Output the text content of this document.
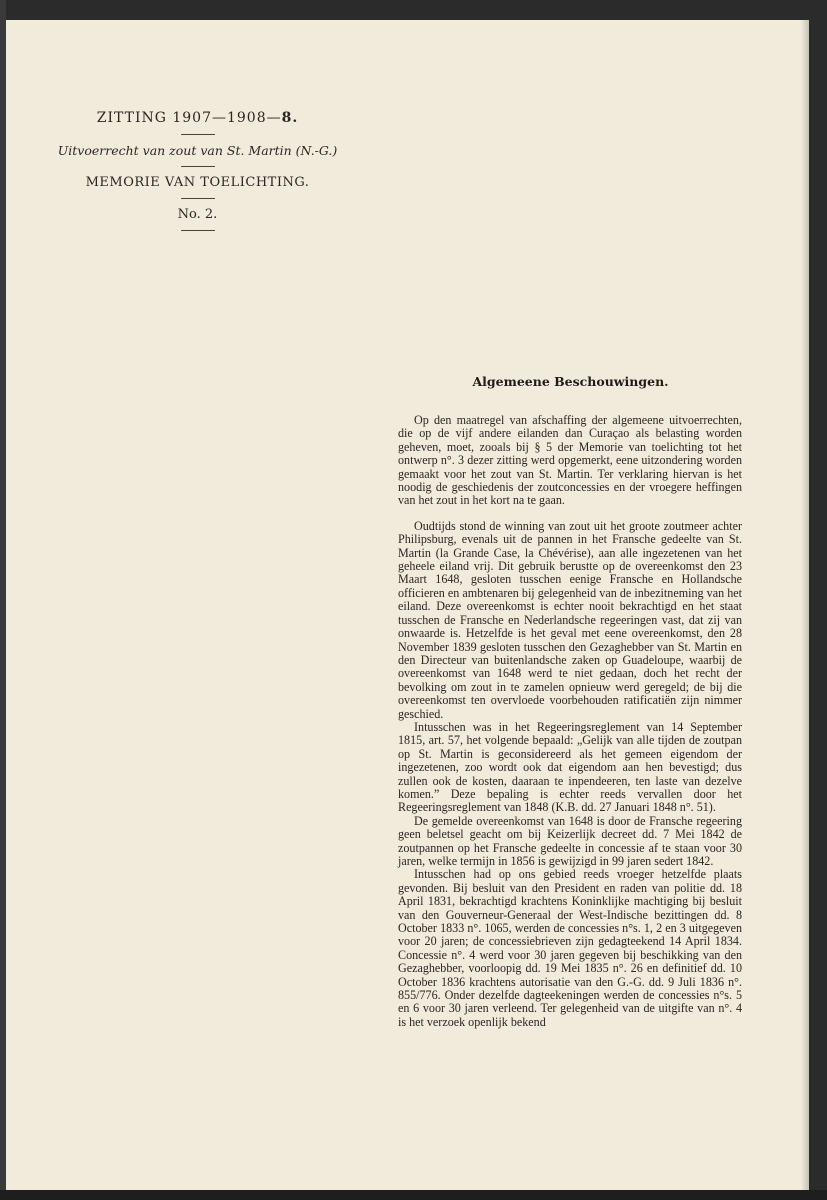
ZITTING 1907—1908—8.
Uitvoerrecht van zout van St. Martin (N.-G.)
MEMORIE VAN TOELICHTING.
No. 2.
Algemeene Beschouwingen.

Op den maatregel van afschaffing der algemeene uitvoerrechten, die op de vijf andere eilanden dan Curaçao als belasting worden geheven, moet, zooals bij § 5 der Memorie van toelichting tot het ontwerp n°. 3 dezer zitting werd opgemerkt, eene uitzondering worden gemaakt voor het zout van St. Martin. Ter verklaring hiervan is het noodig de geschiedenis der zoutconcessies en der vroegere heffingen van het zout in het kort na te gaan.

Oudtijds stond de winning van zout uit het groote zoutmeer achter Philipsburg, evenals uit de pannen in het Fransche gedeelte van St. Martin (la Grande Case, la Chévérise), aan alle ingezetenen van het geheele eiland vrij. Dit gebruik berustte op de overeenkomst den 23 Maart 1648, gesloten tusschen eenige Fransche en Hollandsche officieren en ambtenaren bij gelegenheid van de inbezitneming van het eiland. Deze overeenkomst is echter nooit bekrachtigd en het staat tusschen de Fransche en Nederlandsche regeeringen vast, dat zij van onwaarde is. Hetzelfde is het geval met eene overeenkomst, den 28 November 1839 gesloten tusschen den Gezaghebber van St. Martin en den Directeur van buitenlandsche zaken op Guadeloupe, waarbij de overeenkomst van 1648 werd te niet gedaan, doch het recht der bevolking om zout in te zamelen opnieuw werd geregeld; de bij die overeenkomst ten overvloede voorbehouden ratificatiën zijn nimmer geschied.

Intusschen was in het Regeeringsreglement van 14 September 1815, art. 57, het volgende bepaald: „Gelijk van alle tijden de zoutpan op St. Martin is geconsidereerd als het gemeen eigendom der ingezetenen, zoo wordt ook dat eigendom aan hen bevestigd; dus zullen ook de kosten, daaraan te inpendeeren, ten laste van dezelve komen.” Deze bepaling is echter reeds vervallen door het Regeeringsreglement van 1848 (K.B. dd. 27 Januari 1848 n°. 51).

De gemelde overeenkomst van 1648 is door de Fransche regeering geen beletsel geacht om bij Keizerlijk decreet dd. 7 Mei 1842 de zoutpannen op het Fransche gedeelte in concessie af te staan voor 30 jaren, welke termijn in 1856 is gewijzigd in 99 jaren sedert 1842.

Intusschen had op ons gebied reeds vroeger hetzelfde plaats gevonden. Bij besluit van den President en raden van politie dd. 18 April 1831, bekrachtigd krachtens Koninklijke machtiging bij besluit van den Gouverneur-Generaal der West-Indische bezittingen dd. 8 October 1833 n°. 1065, werden de concessies n°s. 1, 2 en 3 uitgegeven voor 20 jaren; de concessiebrieven zijn gedagteekend 14 April 1834. Concessie n°. 4 werd voor 30 jaren gegeven bij beschikking van den Gezaghebber, voorloopig dd. 19 Mei 1835 n°. 26 en definitief dd. 10 October 1836 krachtens autorisatie van den G.-G. dd. 9 Juli 1836 n°. 855/776. Onder dezelfde dagteekeningen werden de concessies n°s. 5 en 6 voor 30 jaren verleend. Ter gelegenheid van de uitgifte van n°. 4 is het verzoek openlijk bekend
